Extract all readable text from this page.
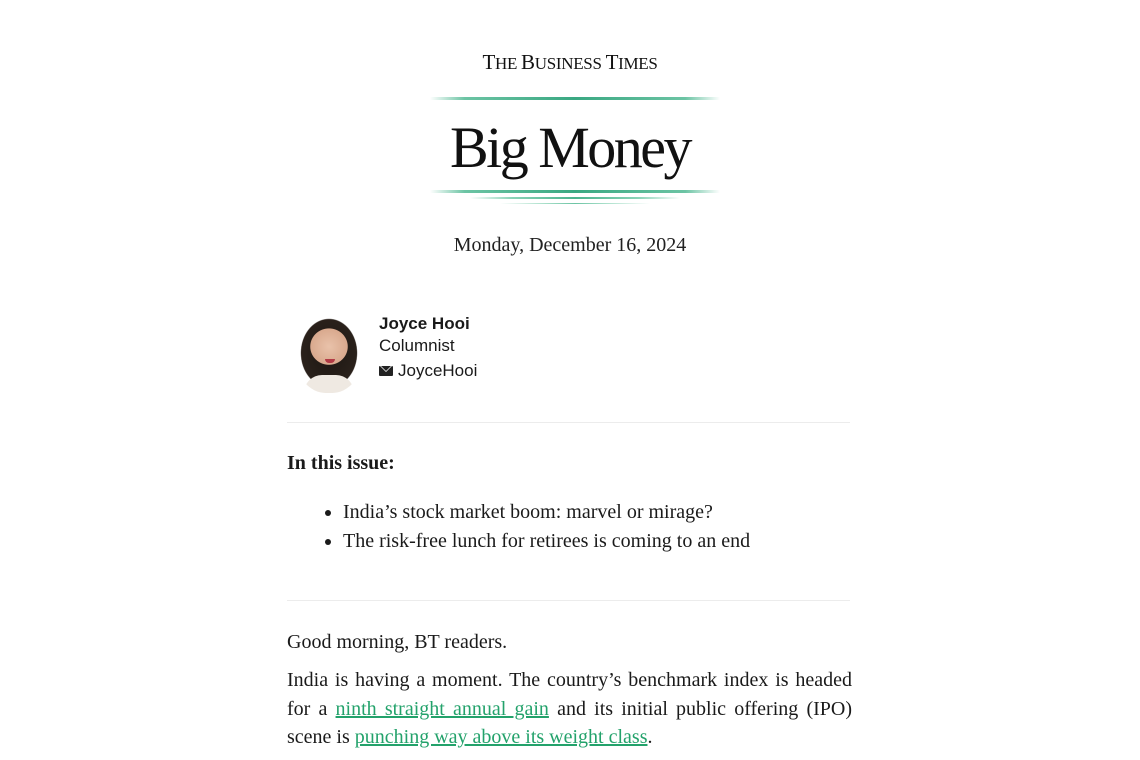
THE BUSINESS TIMES
Big Money
Monday, December 16, 2024
Joyce Hooi
Columnist
JoyceHooi
In this issue:
• India’s stock market boom: marvel or mirage?
• The risk-free lunch for retirees is coming to an end
Good morning, BT readers.
India is having a moment. The country’s benchmark index is headed for a ninth straight annual gain and its initial public offering (IPO) scene is punching way above its weight class.
